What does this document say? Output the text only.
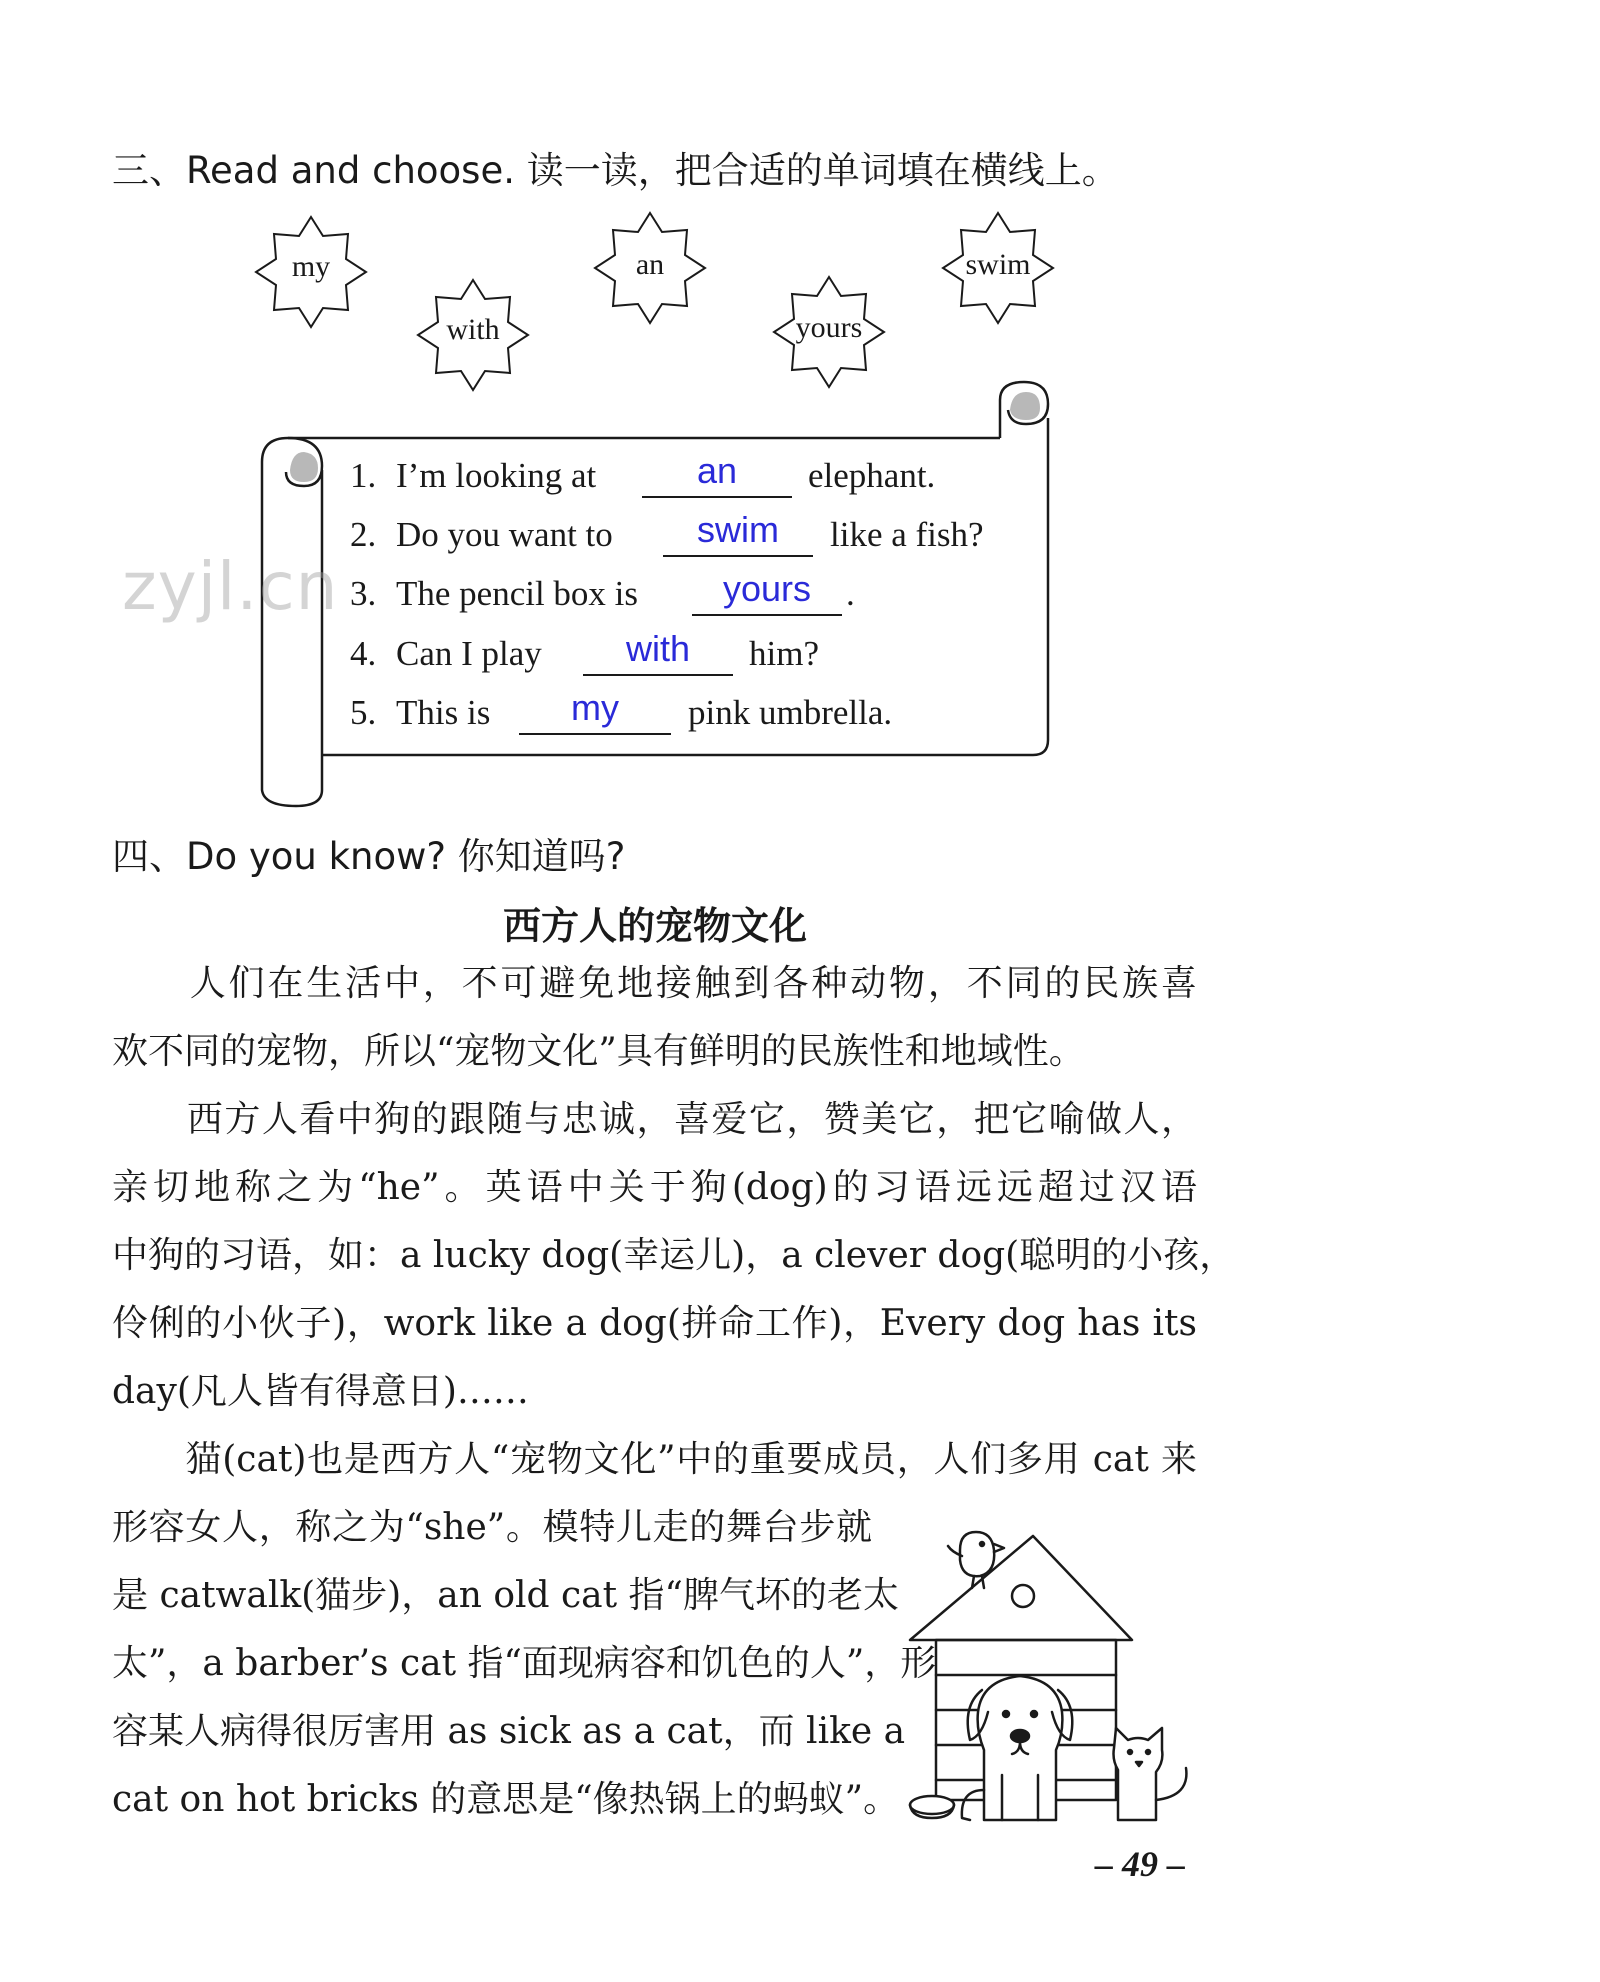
三、Read and choose. 读一读，把合适的单词填在横线上。
my
with
an
yours
swim
zyjl.cn
1. I’m looking at	an	elephant.
2. Do you want to	swim	like a fish?
3. The pencil box is	yours .
4. Can I play	with	him?
5. This is	my	pink umbrella.
四、Do you know? 你知道吗?
西方人的宠物文化
　　人们在生活中，不可避免地接触到各种动物，不同的民族喜
欢不同的宠物，所以“宠物文化”具有鲜明的民族性和地域性。
　　西方人看中狗的跟随与忠诚，喜爱它，赞美它，把它喻做人，
亲切地称之为“he”。英语中关于狗(dog)的习语远远超过汉语
中狗的习语，如：a lucky dog(幸运儿)，a clever dog(聪明的小孩，
伶俐的小伙子)，work like a dog(拼命工作)，Every dog has its
day(凡人皆有得意日)……
　　猫(cat)也是西方人“宠物文化”中的重要成员，人们多用 cat 来
形容女人，称之为“she”。模特儿走的舞台步就
是 catwalk(猫步)，an old cat 指“脾气坏的老太
太”，a barber’s cat 指“面现病容和饥色的人”，形
容某人病得很厉害用 as sick as a cat，而 like a
cat on hot bricks 的意思是“像热锅上的蚂蚁”。
– 49 –
